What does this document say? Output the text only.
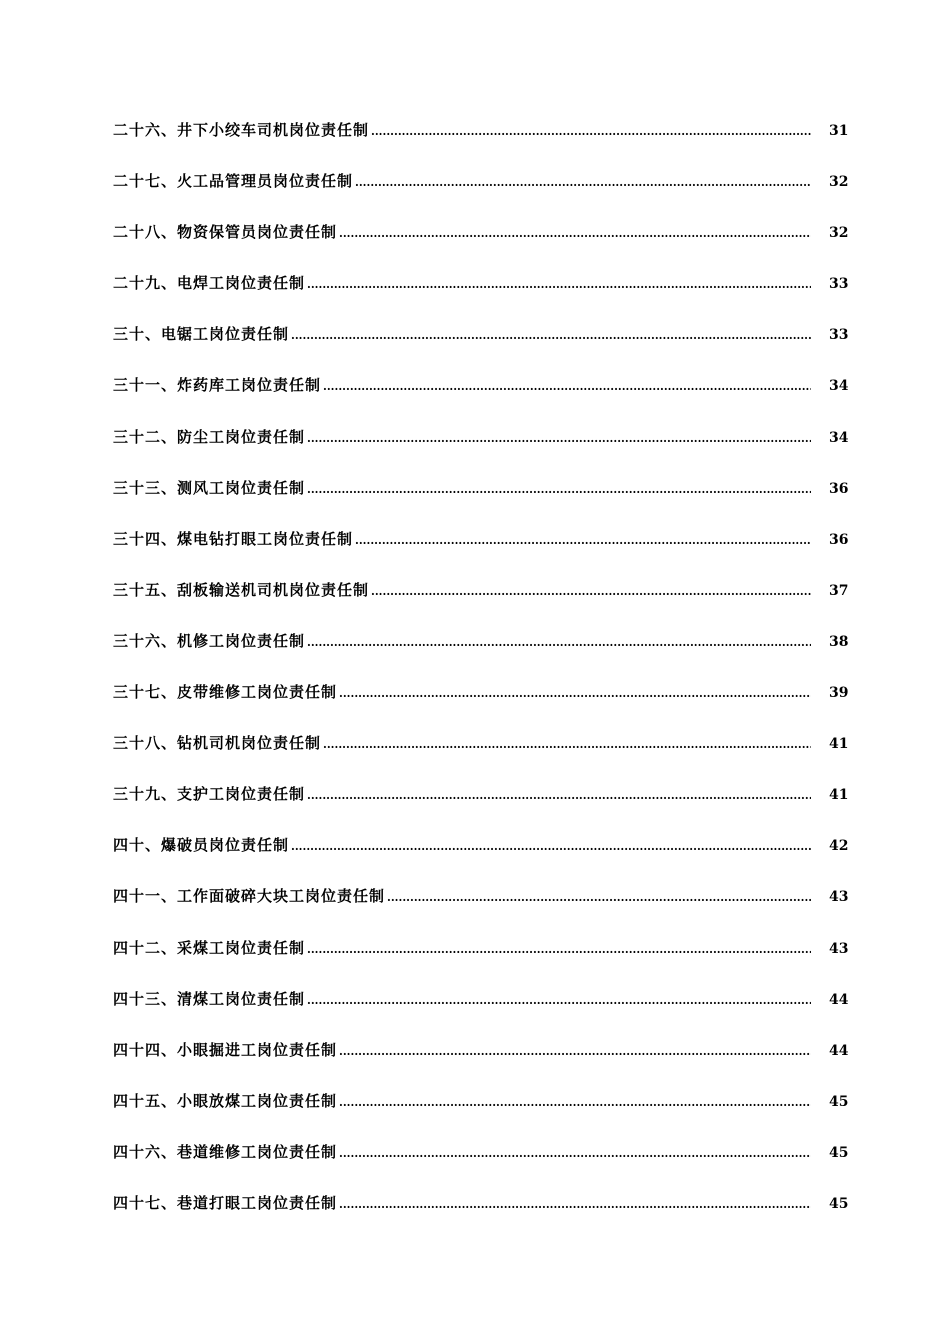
二十六、井下小绞车司机岗位责任制 .....	31
二十七、火工品管理员岗位责任制 .....	32
二十八、物资保管员岗位责任制 .....	32
二十九、电焊工岗位责任制 .....	33
三十、电锯工岗位责任制 .....	33
三十一、炸药库工岗位责任制 .....	34
三十二、防尘工岗位责任制 .....	34
三十三、测风工岗位责任制 .....	36
三十四、煤电钻打眼工岗位责任制 .....	36
三十五、刮板输送机司机岗位责任制 .....	37
三十六、机修工岗位责任制 .....	38
三十七、皮带维修工岗位责任制 .....	39
三十八、钻机司机岗位责任制 .....	41
三十九、支护工岗位责任制 .....	41
四十、爆破员岗位责任制 .....	42
四十一、工作面破碎大块工岗位责任制 .....	43
四十二、采煤工岗位责任制 .....	43
四十三、清煤工岗位责任制 .....	44
四十四、小眼掘进工岗位责任制 .....	44
四十五、小眼放煤工岗位责任制 .....	45
四十六、巷道维修工岗位责任制 .....	45
四十七、巷道打眼工岗位责任制 .....	45
